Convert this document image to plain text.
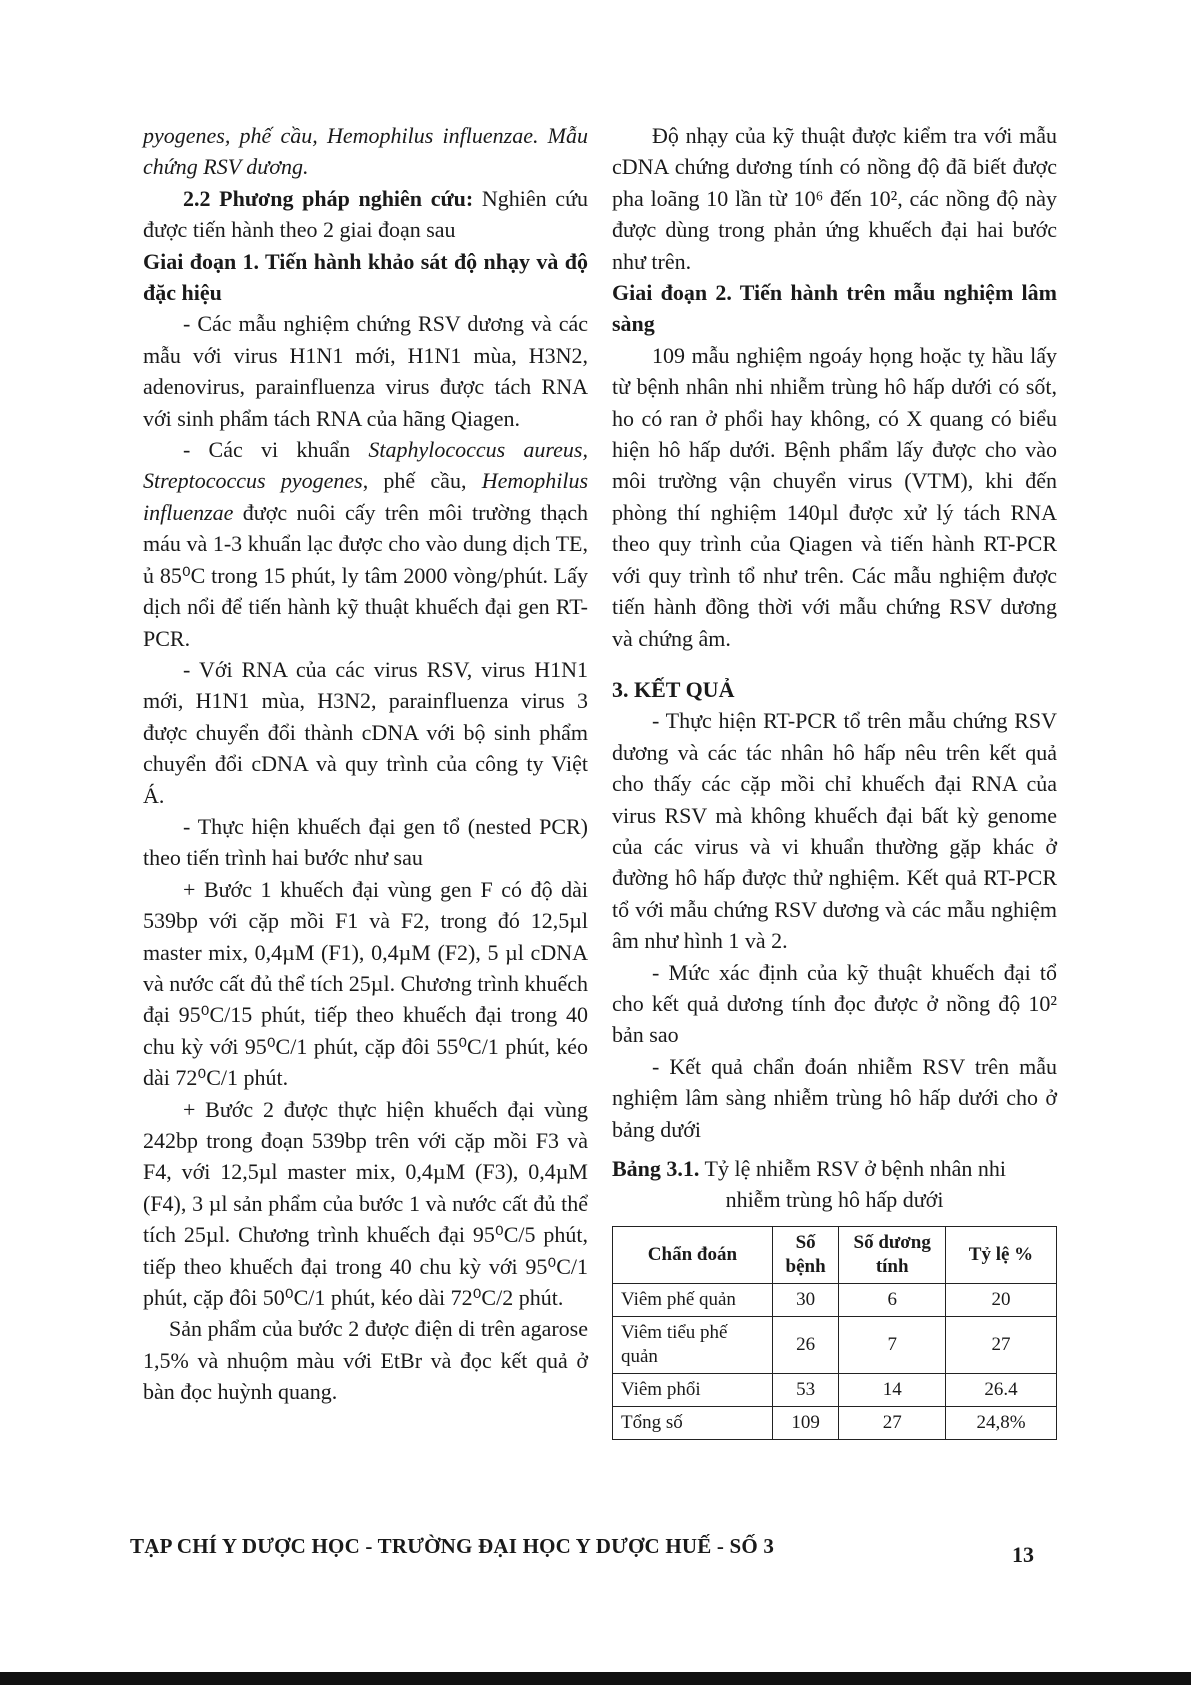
pyogenes, phế cầu, Hemophilus influenzae. Mẫu chứng RSV dương.

2.2 Phương pháp nghiên cứu: Nghiên cứu được tiến hành theo 2 giai đoạn sau

Giai đoạn 1. Tiến hành khảo sát độ nhạy và độ đặc hiệu

- Các mẫu nghiệm chứng RSV dương và các mẫu với virus H1N1 mới, H1N1 mùa, H3N2, adenovirus, parainfluenza virus được tách RNA với sinh phẩm tách RNA của hãng Qiagen.

- Các vi khuẩn Staphylococcus aureus, Streptococcus pyogenes, phế cầu, Hemophilus influenzae được nuôi cấy trên môi trường thạch máu và 1-3 khuẩn lạc được cho vào dung dịch TE, ủ 85⁰C trong 15 phút, ly tâm 2000 vòng/phút. Lấy dịch nổi để tiến hành kỹ thuật khuếch đại gen RT-PCR.

- Với RNA của các virus RSV, virus H1N1 mới, H1N1 mùa, H3N2, parainfluenza virus 3 được chuyển đổi thành cDNA với bộ sinh phẩm chuyển đổi cDNA và quy trình của công ty Việt Á.

- Thực hiện khuếch đại gen tổ (nested PCR) theo tiến trình hai bước như sau

+ Bước 1 khuếch đại vùng gen F có độ dài 539bp với cặp mồi F1 và F2, trong đó 12,5µl master mix, 0,4µM (F1), 0,4µM (F2), 5 µl cDNA và nước cất đủ thể tích 25µl. Chương trình khuếch đại 95⁰C/15 phút, tiếp theo khuếch đại trong 40 chu kỳ với 95⁰C/1 phút, cặp đôi 55⁰C/1 phút, kéo dài 72⁰C/1 phút.

+ Bước 2 được thực hiện khuếch đại vùng 242bp trong đoạn 539bp trên với cặp mồi F3 và F4, với 12,5µl master mix, 0,4µM (F3), 0,4µM (F4), 3 µl sản phẩm của bước 1 và nước cất đủ thể tích 25µl. Chương trình khuếch đại 95⁰C/5 phút, tiếp theo khuếch đại trong 40 chu kỳ với 95⁰C/1 phút, cặp đôi 50⁰C/1 phút, kéo dài 72⁰C/2 phút.

Sản phẩm của bước 2 được điện di trên agarose 1,5% và nhuộm màu với EtBr và đọc kết quả ở bàn đọc huỳnh quang.

Độ nhạy của kỹ thuật được kiểm tra với mẫu cDNA chứng dương tính có nồng độ đã biết được pha loãng 10 lần từ 10⁶ đến 10², các nồng độ này được dùng trong phản ứng khuếch đại hai bước như trên.

Giai đoạn 2. Tiến hành trên mẫu nghiệm lâm sàng

109 mẫu nghiệm ngoáy họng hoặc tỵ hầu lấy từ bệnh nhân nhi nhiễm trùng hô hấp dưới có sốt, ho có ran ở phổi hay không, có X quang có biểu hiện hô hấp dưới. Bệnh phẩm lấy được cho vào môi trường vận chuyển virus (VTM), khi đến phòng thí nghiệm 140µl được xử lý tách RNA theo quy trình của Qiagen và tiến hành RT-PCR với quy trình tổ như trên. Các mẫu nghiệm được tiến hành đồng thời với mẫu chứng RSV dương và chứng âm.

3. KẾT QUẢ

- Thực hiện RT-PCR tổ trên mẫu chứng RSV dương và các tác nhân hô hấp nêu trên kết quả cho thấy các cặp mồi chỉ khuếch đại RNA của virus RSV mà không khuếch đại bất kỳ genome của các virus và vi khuẩn thường gặp khác ở đường hô hấp được thử nghiệm. Kết quả RT-PCR tổ với mẫu chứng RSV dương và các mẫu nghiệm âm như hình 1 và 2.

- Mức xác định của kỹ thuật khuếch đại tổ cho kết quả dương tính đọc được ở nồng độ 10² bản sao

- Kết quả chẩn đoán nhiễm RSV trên mẫu nghiệm lâm sàng nhiễm trùng hô hấp dưới cho ở bảng dưới

Bảng 3.1. Tỷ lệ nhiễm RSV ở bệnh nhân nhi

nhiễm trùng hô hấp dưới

Chẩn đoán	Số bệnh	Số dương tính	Tỷ lệ %
Viêm phế quản	30	6	20
Viêm tiểu phế quản	26	7	27
Viêm phổi	53	14	26.4
Tổng số	109	27	24,8%
TẠP CHÍ Y DƯỢC HỌC - TRƯỜNG ĐẠI HỌC Y DƯỢC HUẾ - SỐ 3	13
